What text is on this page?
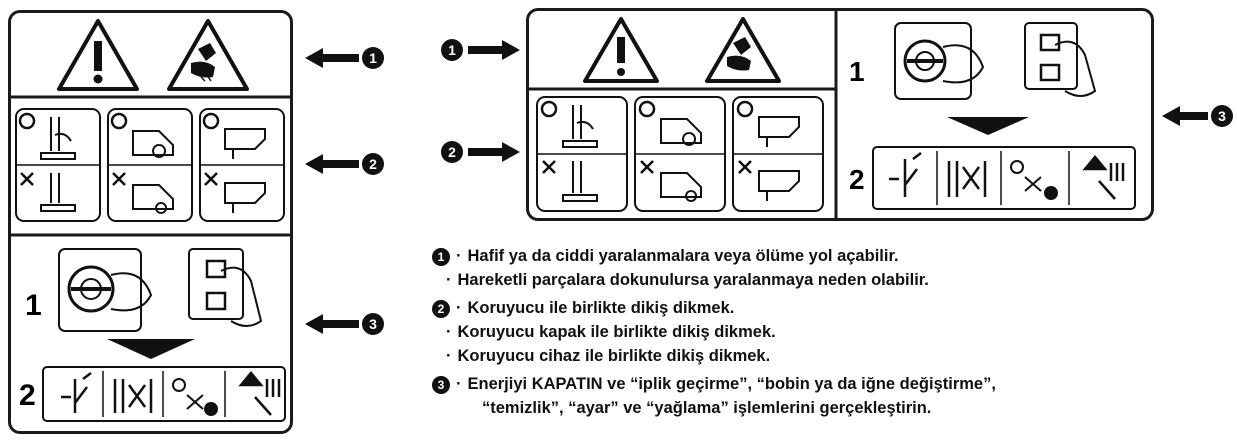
1
2
1
2
3
1
2
1
2
3
1 · Hafif ya da ciddi yaralanmalara veya ölüme yol açabilir.
· Hareketli parçalara dokunulursa yaralanmaya neden olabilir.
2 · Koruyucu ile birlikte dikiş dikmek.
· Koruyucu kapak ile birlikte dikiş dikmek.
· Koruyucu cihaz ile birlikte dikiş dikmek.
3 · Enerjiyi KAPATIN ve “iplik geçirme”, “bobin ya da iğne değiştirme”,
“temizlik”, “ayar” ve “yağlama” işlemlerini gerçekleştirin.
